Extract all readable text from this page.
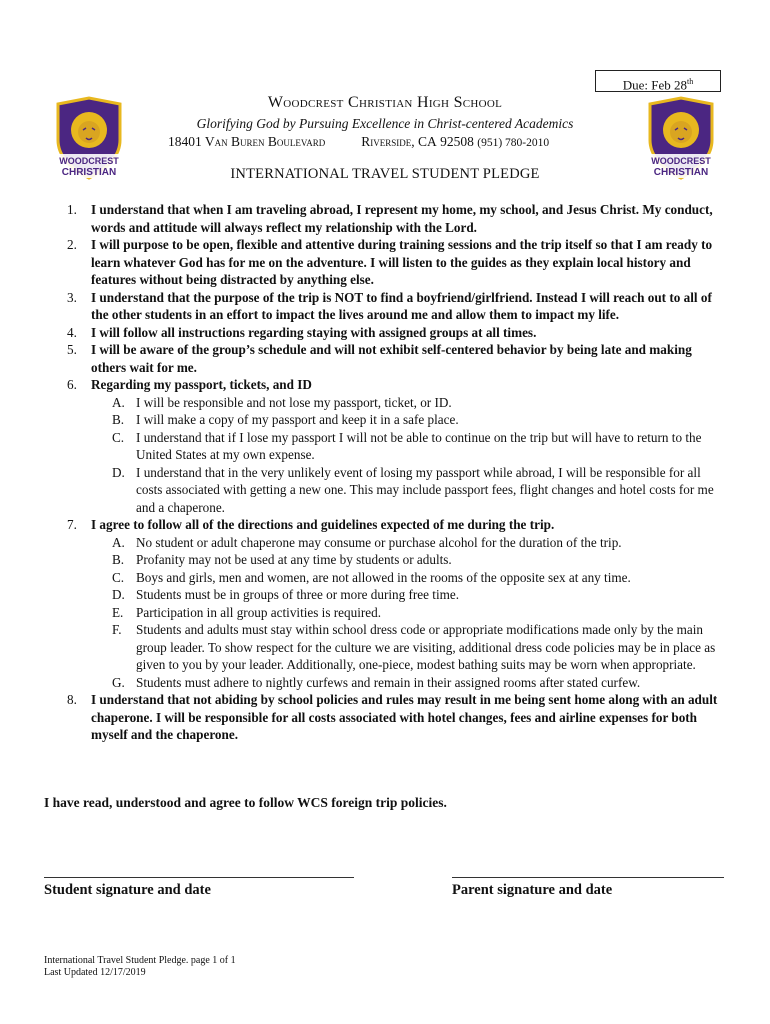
Due: Feb 28th
WOODCREST
CHRISTIAN
WOODCREST
CHRISTIAN
Woodcrest Christian High School
Glorifying God by Pursuing Excellence in Christ-centered Academics
18401 Van Buren Boulevard	Riverside, CA 92508 (951) 780-2010
INTERNATIONAL TRAVEL STUDENT PLEDGE
1. I understand that when I am traveling abroad, I represent my home, my school, and Jesus Christ. My conduct, words and attitude will always reflect my relationship with the Lord.
2. I will purpose to be open, flexible and attentive during training sessions and the trip itself so that I am ready to learn whatever God has for me on the adventure. I will listen to the guides as they explain local history and features without being distracted by anything else.
3. I understand that the purpose of the trip is NOT to find a boyfriend/girlfriend. Instead I will reach out to all of the other students in an effort to impact the lives around me and allow them to impact my life.
4. I will follow all instructions regarding staying with assigned groups at all times.
5. I will be aware of the group’s schedule and will not exhibit self-centered behavior by being late and making others wait for me.
6. Regarding my passport, tickets, and ID
A. I will be responsible and not lose my passport, ticket, or ID.
B. I will make a copy of my passport and keep it in a safe place.
C. I understand that if I lose my passport I will not be able to continue on the trip but will have to return to the United States at my own expense.
D. I understand that in the very unlikely event of losing my passport while abroad, I will be responsible for all costs associated with getting a new one. This may include passport fees, flight changes and hotel costs for me and a chaperone.
7. I agree to follow all of the directions and guidelines expected of me during the trip.
A. No student or adult chaperone may consume or purchase alcohol for the duration of the trip.
B. Profanity may not be used at any time by students or adults.
C. Boys and girls, men and women, are not allowed in the rooms of the opposite sex at any time.
D. Students must be in groups of three or more during free time.
E. Participation in all group activities is required.
F. Students and adults must stay within school dress code or appropriate modifications made only by the main group leader. To show respect for the culture we are visiting, additional dress code policies may be in place as given to you by your leader. Additionally, one-piece, modest bathing suits may be worn when appropriate.
G. Students must adhere to nightly curfews and remain in their assigned rooms after stated curfew.
8. I understand that not abiding by school policies and rules may result in me being sent home along with an adult chaperone. I will be responsible for all costs associated with hotel changes, fees and airline expenses for both myself and the chaperone.
I have read, understood and agree to follow WCS foreign trip policies.
Student signature and date	Parent signature and date
International Travel Student Pledge. page 1 of 1
Last Updated 12/17/2019
